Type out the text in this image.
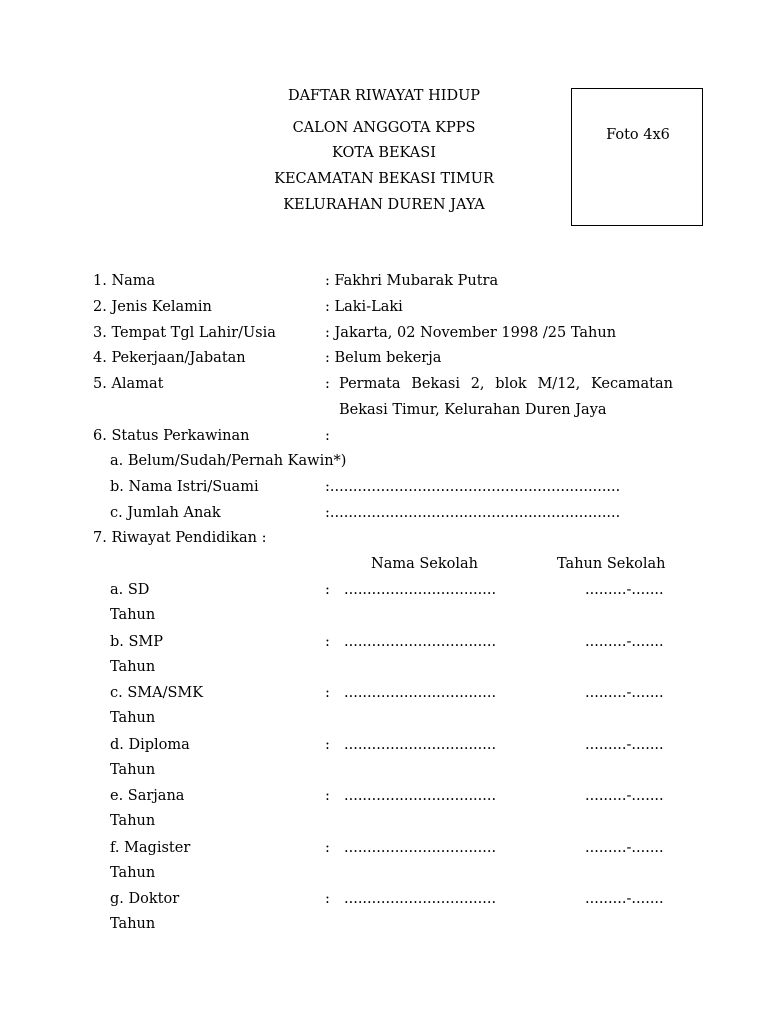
DAFTAR RIWAYAT HIDUP
CALON ANGGOTA KPPS
KOTA BEKASI
KECAMATAN BEKASI TIMUR
KELURAHAN DUREN JAYA
Foto 4x6
1. Nama	: Fakhri Mubarak Putra
2. Jenis Kelamin	: Laki-Laki
3. Tempat Tgl Lahir/Usia	: Jakarta, 02 November 1998 /25 Tahun
4. Pekerjaan/Jabatan	: Belum bekerja
5. Alamat	: Permata Bekasi 2, blok M/12, Kecamatan
Bekasi Timur, Kelurahan Duren Jaya
6. Status Perkawinan	:
a. Belum/Sudah/Pernah Kawin*)
b. Nama Istri/Suami	:...............................................................
c. Jumlah Anak	:...............................................................
7. Riwayat Pendidikan :
Nama Sekolah	Tahun Sekolah
a. SD	: .................................	.........-.......
Tahun
b. SMP	: .................................	.........-.......
Tahun
c. SMA/SMK	: .................................	.........-.......
Tahun
d. Diploma	: .................................	.........-.......
Tahun
e. Sarjana	: .................................	.........-.......
Tahun
f. Magister	: .................................	.........-.......
Tahun
g. Doktor	: .................................	.........-.......
Tahun
